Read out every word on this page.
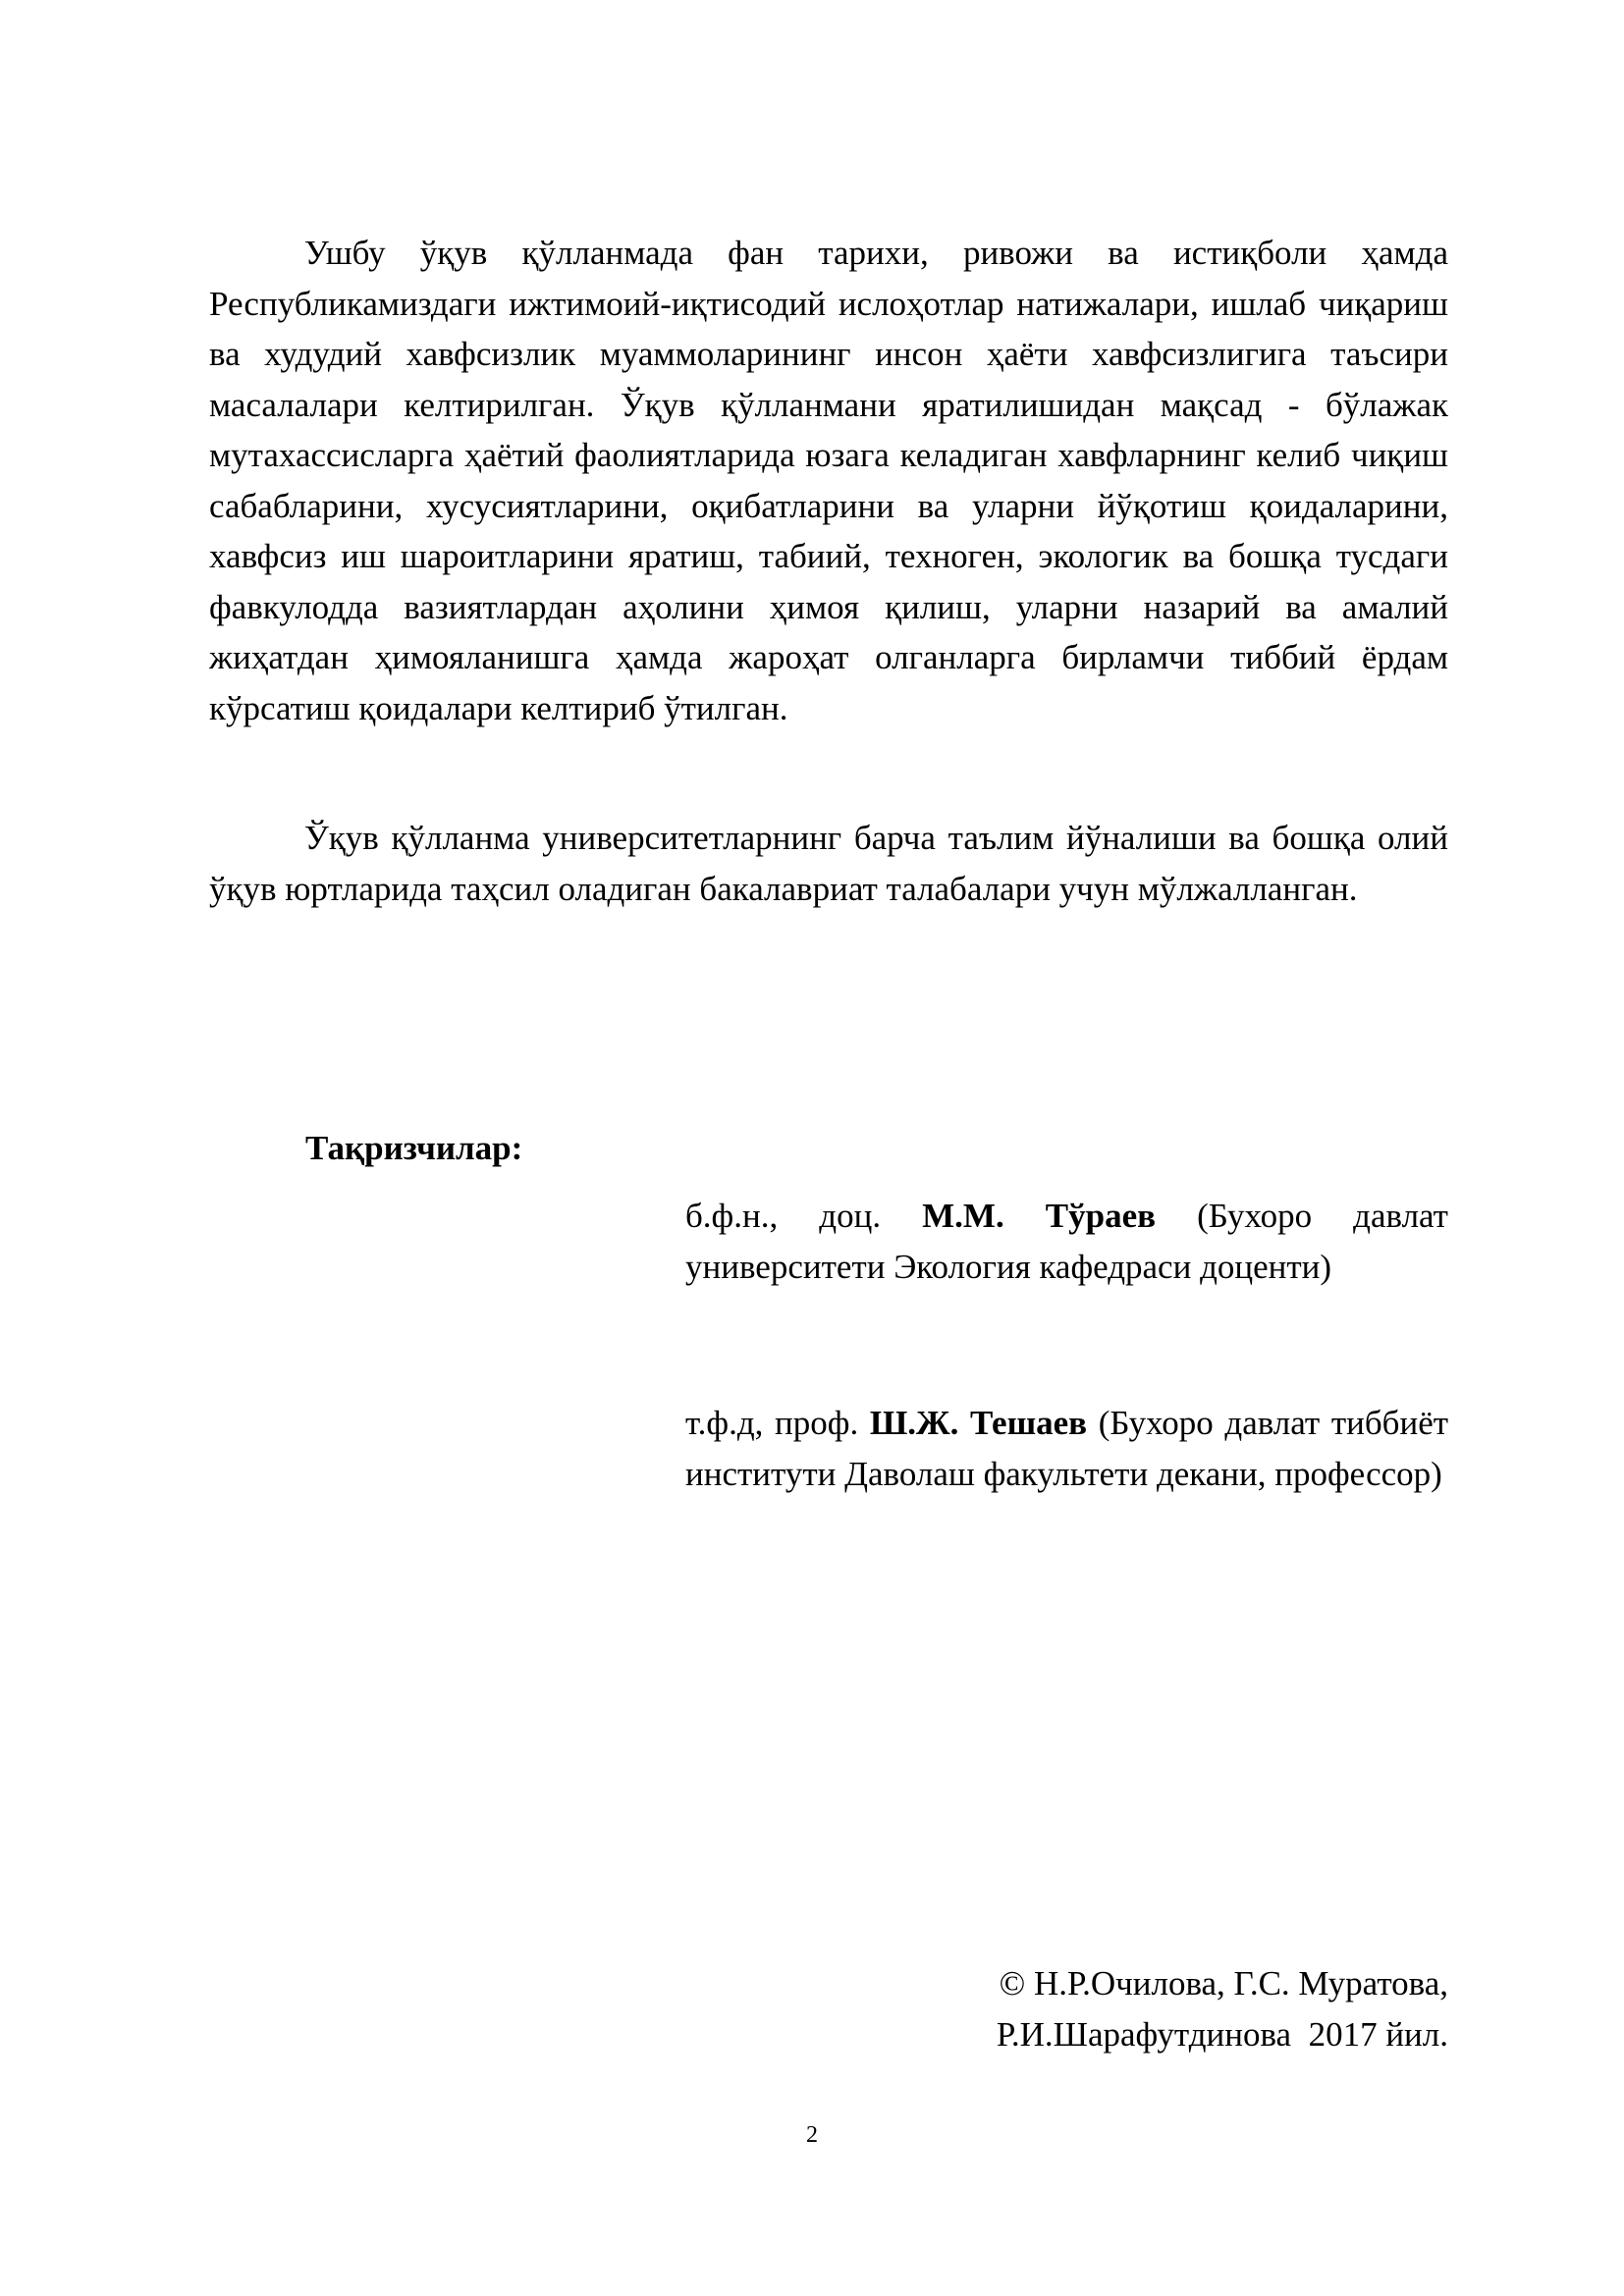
Ушбу ўқув қўлланмада фан тарихи, ривожи ва истиқболи ҳамда Республикамиздаги ижтимоий-иқтисодий ислоҳотлар натижалари, ишлаб чиқариш ва худудий хавфсизлик муаммоларининг инсон ҳаёти хавфсизлигига таъсири масалалари келтирилган. Ўқув қўлланмани яратилишидан мақсад - бўлажак мутахассисларга ҳаётий фаолиятларида юзага келадиган хавфларнинг келиб чиқиш сабабларини, хусусиятларини, оқибатларини ва уларни йўқотиш қоидаларини, хавфсиз иш шароитларини яратиш, табиий, техноген, экологик ва бошқа тусдаги фавкулодда вазиятлардан аҳолини ҳимоя қилиш, уларни назарий ва амалий жиҳатдан ҳимояланишга ҳамда жароҳат олганларга бирламчи тиббий ёрдам кўрсатиш қоидалари келтириб ўтилган.

Ўқув қўлланма университетларнинг барча таълим йўналиши ва бошқа олий ўқув юртларида таҳсил оладиган бакалавриат талабалари учун мўлжалланган.

Тақризчилар:

б.ф.н., доц. М.М. Тўраев (Бухоро давлат университети Экология кафедраси доценти)

т.ф.д, проф. Ш.Ж. Тешаев (Бухоро давлат тиббиёт институти Даволаш факультети декани, профессор)

© Н.Р.Очилова, Г.С. Муратова,
Р.И.Шарафутдинова  2017 йил.

2
